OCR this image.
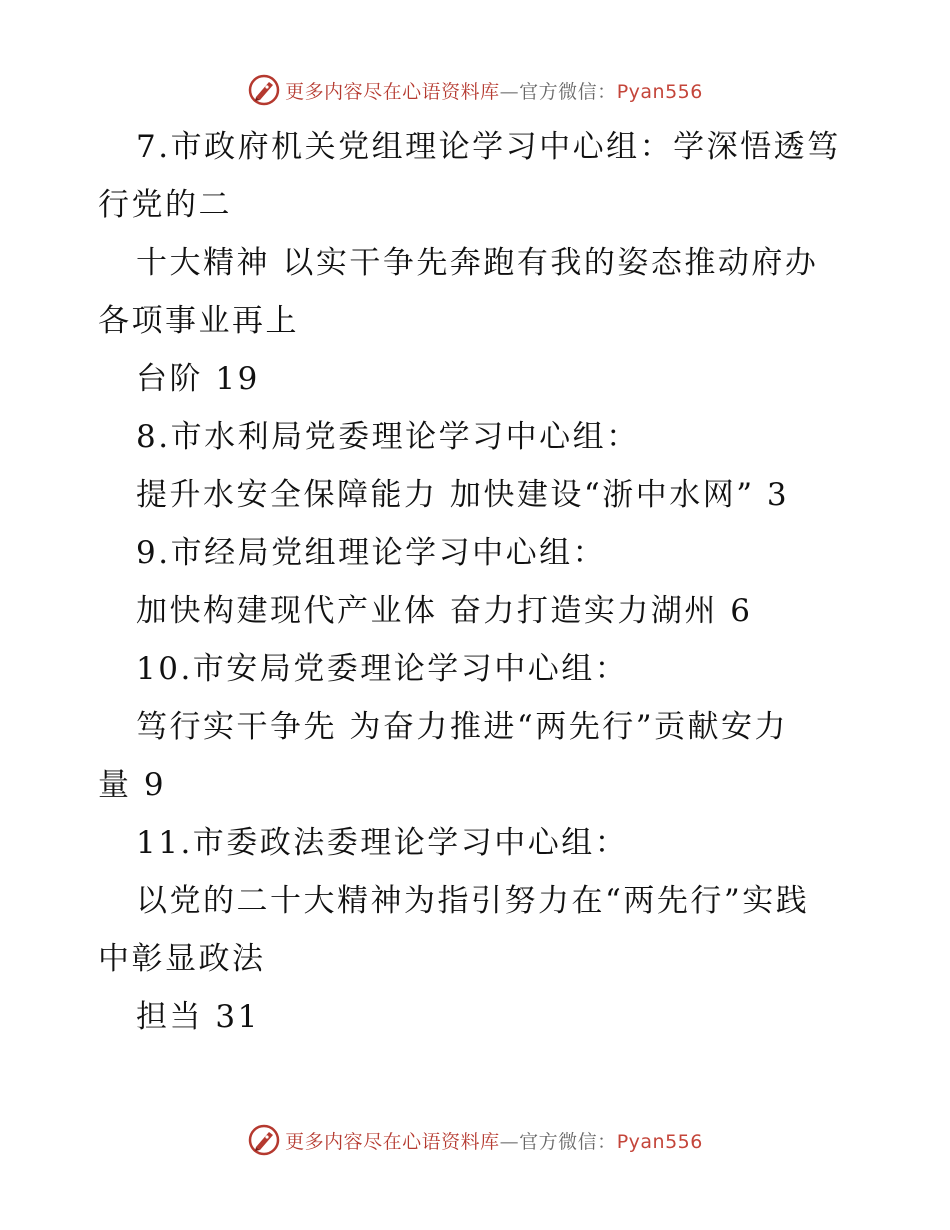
更多内容尽在心语资料库—官方微信：Pyan556
7.市政府机关党组理论学习中心组：学深悟透笃
行党的二
十大精神 以实干争先奔跑有我的姿态推动府办
各项事业再上
台阶 19
8.市水利局党委理论学习中心组：
提升水安全保障能力 加快建设“浙中水网” 3
9.市经局党组理论学习中心组：
加快构建现代产业体 奋力打造实力湖州 6
10.市安局党委理论学习中心组：
笃行实干争先 为奋力推进“两先行”贡献安力
量 9
11.市委政法委理论学习中心组：
以党的二十大精神为指引努力在“两先行”实践
中彰显政法
担当 31
更多内容尽在心语资料库—官方微信：Pyan556
